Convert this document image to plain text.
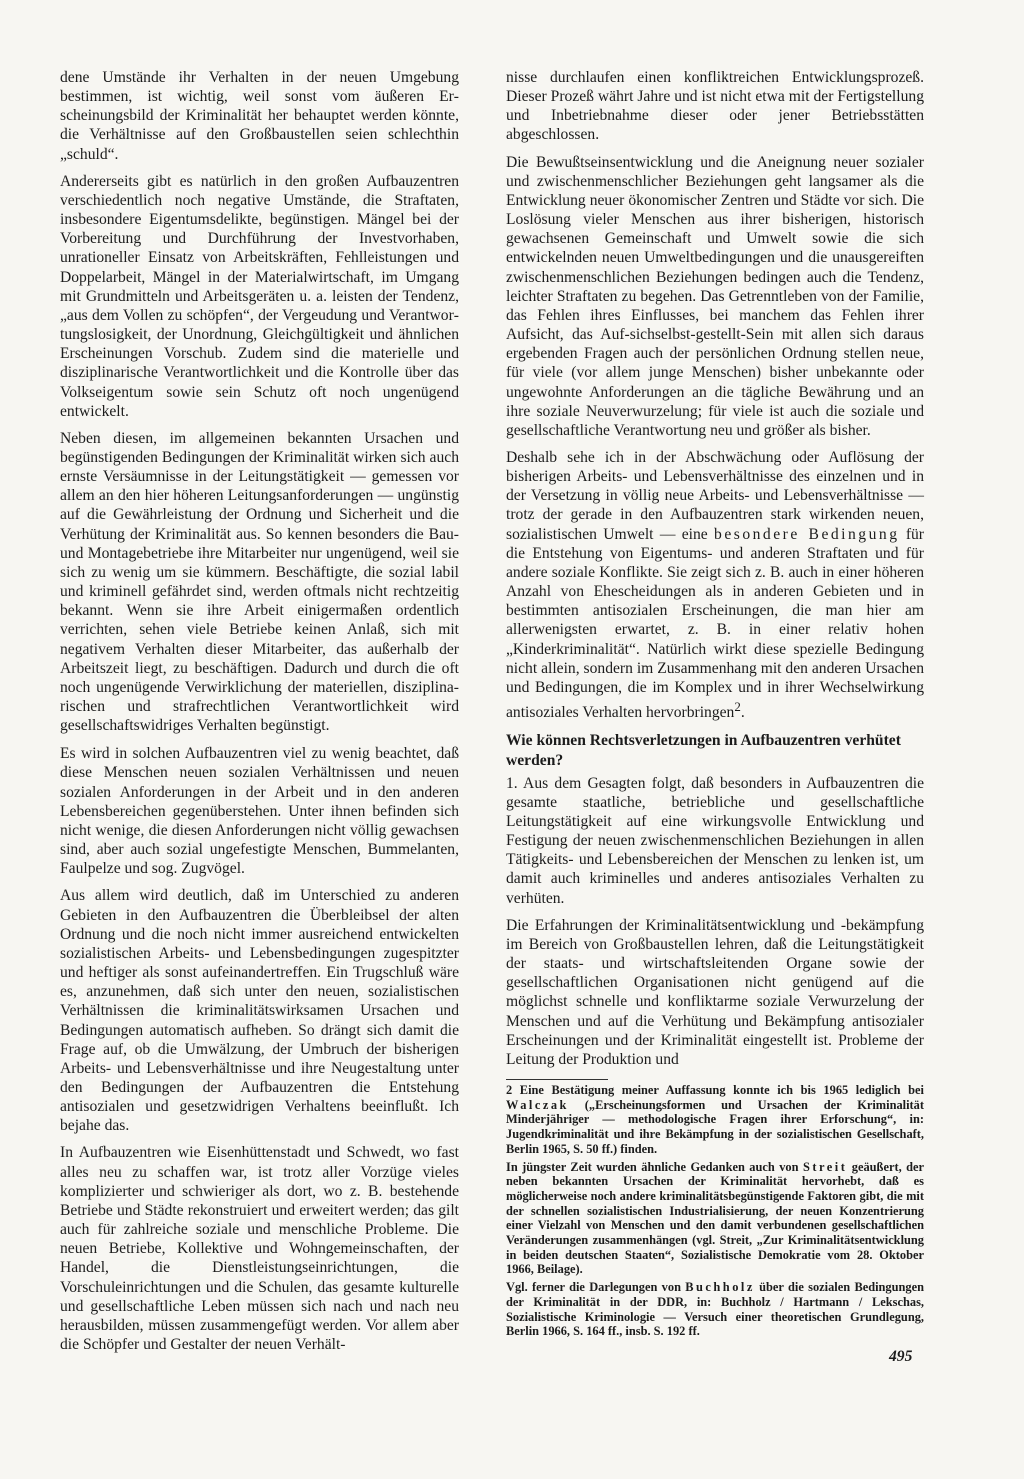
dene Umstände ihr Verhalten in der neuen Umgebung bestimmen, ist wichtig, weil sonst vom äußeren Erscheinungsbild der Kriminalität her behauptet werden könnte, die Verhältnisse auf den Großbaustellen seien schlechthin „schuld“.

Andererseits gibt es natürlich in den großen Aufbauzentren verschiedentlich noch negative Umstände, die Straftaten, insbesondere Eigentumsdelikte, begünstigen. Mängel bei der Vorbereitung und Durchführung der Investvorhaben, unrationeller Einsatz von Arbeitskräften, Fehlleistungen und Doppelarbeit, Mängel in der Materialwirtschaft, im Umgang mit Grundmitteln und Arbeitsgeräten u. a. leisten der Tendenz, „aus dem Vollen zu schöpfen“, der Vergeudung und Verantwortungslosigkeit, der Unordnung, Gleichgültigkeit und ähnlichen Erscheinungen Vorschub. Zudem sind die materielle und disziplinarische Verantwortlichkeit und die Kontrolle über das Volkseigentum sowie sein Schutz oft noch ungenügend entwickelt.

Neben diesen, im allgemeinen bekannten Ursachen und begünstigenden Bedingungen der Kriminalität wirken sich auch ernste Versäumnisse in der Leitungstätigkeit — gemessen vor allem an den hier höheren Leitungsanforderungen — ungünstig auf die Gewährleistung der Ordnung und Sicherheit und die Verhütung der Kriminalität aus. So kennen besonders die Bau- und Montagebetriebe ihre Mitarbeiter nur ungenügend, weil sie sich zu wenig um sie kümmern. Beschäftigte, die sozial labil und kriminell gefährdet sind, werden oftmals nicht rechtzeitig bekannt. Wenn sie ihre Arbeit einigermaßen ordentlich verrichten, sehen viele Betriebe keinen Anlaß, sich mit negativem Verhalten dieser Mitarbeiter, das außerhalb der Arbeitszeit liegt, zu beschäftigen. Dadurch und durch die oft noch ungenügende Verwirklichung der materiellen, disziplinarischen und strafrechtlichen Verantwortlichkeit wird gesellschaftswidriges Verhalten begünstigt.

Es wird in solchen Aufbauzentren viel zu wenig beachtet, daß diese Menschen neuen sozialen Verhältnissen und neuen sozialen Anforderungen in der Arbeit und in den anderen Lebensbereichen gegenüberstehen. Unter ihnen befinden sich nicht wenige, die diesen Anforderungen nicht völlig gewachsen sind, aber auch sozial ungefestigte Menschen, Bummelanten, Faulpelze und sog. Zugvögel.

Aus allem wird deutlich, daß im Unterschied zu anderen Gebieten in den Aufbauzentren die Überbleibsel der alten Ordnung und die noch nicht immer ausreichend entwickelten sozialistischen Arbeits- und Lebensbedingungen zugespitzter und heftiger als sonst aufeinandertreffen. Ein Trugschluß wäre es, anzunehmen, daß sich unter den neuen, sozialistischen Verhältnissen die kriminalitätswirksamen Ursachen und Bedingungen automatisch aufheben. So drängt sich damit die Frage auf, ob die Umwälzung, der Umbruch der bisherigen Arbeits- und Lebensverhältnisse und ihre Neugestaltung unter den Bedingungen der Aufbauzentren die Entstehung antisozialen und gesetzwidrigen Verhaltens beeinflußt. Ich bejahe das.

In Aufbauzentren wie Eisenhüttenstadt und Schwedt, wo fast alles neu zu schaffen war, ist trotz aller Vorzüge vieles komplizierter und schwieriger als dort, wo z. B. bestehende Betriebe und Städte rekonstruiert und erweitert werden; das gilt auch für zahlreiche soziale und menschliche Probleme. Die neuen Betriebe, Kollektive und Wohngemeinschaften, der Handel, die Dienstleistungseinrichtungen, die Vorschuleinrichtungen und die Schulen, das gesamte kulturelle und gesellschaftliche Leben müssen sich nach und nach neu herausbilden, müssen zusammengefügt werden. Vor allem aber die Schöpfer und Gestalter der neuen Verhält-

nisse durchlaufen einen konfliktreichen Entwicklungsprozeß. Dieser Prozeß währt Jahre und ist nicht etwa mit der Fertigstellung und Inbetriebnahme dieser oder jener Betriebsstätten abgeschlossen.

Die Bewußtseinsentwicklung und die Aneignung neuer sozialer und zwischenmenschlicher Beziehungen geht langsamer als die Entwicklung neuer ökonomischer Zentren und Städte vor sich. Die Loslösung vieler Menschen aus ihrer bisherigen, historisch gewachsenen Gemeinschaft und Umwelt sowie die sich entwickelnden neuen Umweltbedingungen und die unausgereiften zwischenmenschlichen Beziehungen bedingen auch die Tendenz, leichter Straftaten zu begehen. Das Getrenntleben von der Familie, das Fehlen ihres Einflusses, bei manchem das Fehlen ihrer Aufsicht, das Auf-sichselbst-gestellt-Sein mit allen sich daraus ergebenden Fragen auch der persönlichen Ordnung stellen neue, für viele (vor allem junge Menschen) bisher unbekannte oder ungewohnte Anforderungen an die tägliche Bewährung und an ihre soziale Neuverwurzelung; für viele ist auch die soziale und gesellschaftliche Verantwortung neu und größer als bisher.

Deshalb sehe ich in der Abschwächung oder Auflösung der bisherigen Arbeits- und Lebensverhältnisse des einzelnen und in der Versetzung in völlig neue Arbeits- und Lebensverhältnisse — trotz der gerade in den Aufbauzentren stark wirkenden neuen, sozialistischen Umwelt — eine besondere Bedingung für die Entstehung von Eigentums- und anderen Straftaten und für andere soziale Konflikte. Sie zeigt sich z. B. auch in einer höheren Anzahl von Ehescheidungen als in anderen Gebieten und in bestimmten antisozialen Erscheinungen, die man hier am allerwenigsten erwartet, z. B. in einer relativ hohen „Kinderkriminalität“. Natürlich wirkt diese spezielle Bedingung nicht allein, sondern im Zusammenhang mit den anderen Ursachen und Bedingungen, die im Komplex und in ihrer Wechselwirkung antisoziales Verhalten hervorbringen$^2$.

Wie können Rechtsverletzungen in Aufbauzentren verhütet werden?

1. Aus dem Gesagten folgt, daß besonders in Aufbauzentren die gesamte staatliche, betriebliche und gesellschaftliche Leitungstätigkeit auf eine wirkungsvolle Entwicklung und Festigung der neuen zwischenmenschlichen Beziehungen in allen Tätigkeits- und Lebensbereichen der Menschen zu lenken ist, um damit auch kriminelles und anderes antisoziales Verhalten zu verhüten.

Die Erfahrungen der Kriminalitätsentwicklung und -bekämpfung im Bereich von Großbaustellen lehren, daß die Leitungstätigkeit der staats- und wirtschaftsleitenden Organe sowie der gesellschaftlichen Organisationen nicht genügend auf die möglichst schnelle und konfliktarme soziale Verwurzelung der Menschen und auf die Verhütung und Bekämpfung antisozialer Erscheinungen und der Kriminalität eingestellt ist. Probleme der Leitung der Produktion und

2 Eine Bestätigung meiner Auffassung konnte ich bis 1965 lediglich bei Walczak („Erscheinungsformen und Ursachen der Kriminalität Minderjähriger — methodologische Fragen ihrer Erforschung“, in: Jugendkriminalität und ihre Bekämpfung in der sozialistischen Gesellschaft, Berlin 1965, S. 50 ff.) finden.

In jüngster Zeit wurden ähnliche Gedanken auch von Streit geäußert, der neben bekannten Ursachen der Kriminalität hervorhebt, daß es möglicherweise noch andere kriminalitätsbegünstigende Faktoren gibt, die mit der schnellen sozialistischen Industrialisierung, der neuen Konzentrierung einer Vielzahl von Menschen und den damit verbundenen gesellschaftlichen Veränderungen zusammenhängen (vgl. Streit, „Zur Kriminalitätsentwicklung in beiden deutschen Staaten“, Sozialistische Demokratie vom 28. Oktober 1966, Beilage).

Vgl. ferner die Darlegungen von Buchholz über die sozialen Bedingungen der Kriminalität in der DDR, in: Buchholz / Hartmann / Lekschas, Sozialistische Kriminologie — Versuch einer theoretischen Grundlegung, Berlin 1966, S. 164 ff., insb. S. 192 ff.

495
